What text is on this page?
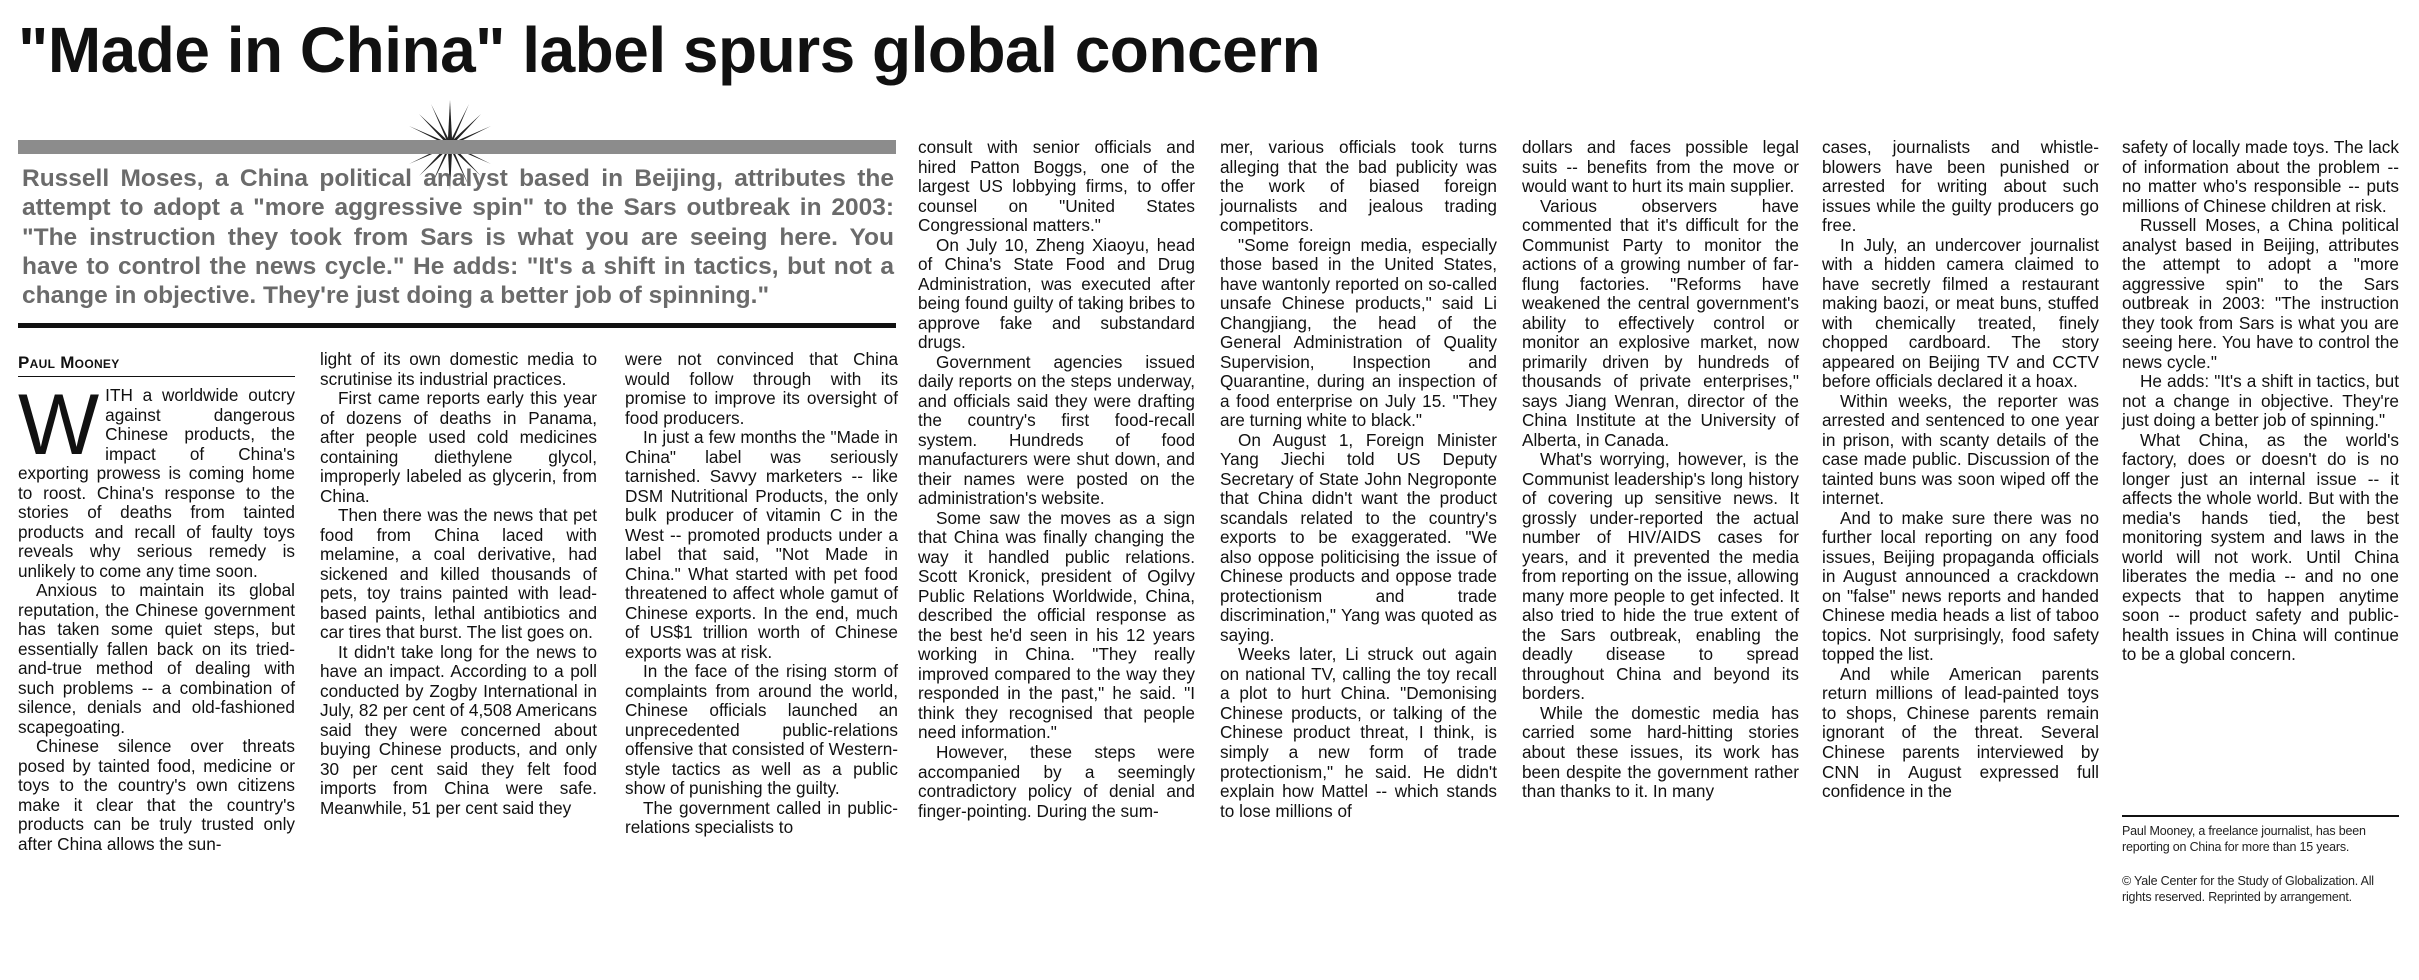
"Made in China" label spurs global concern

Russell Moses, a China political analyst based in Beijing, attributes the attempt to adopt a "more aggressive spin" to the Sars outbreak in 2003: "The instruction they took from Sars is what you are seeing here. You have to control the news cycle." He adds: "It's a shift in tactics, but not a change in objective. They're just doing a better job of spinning."

Paul Mooney

WITH a worldwide outcry against dangerous Chinese products, the impact of China's exporting prowess is coming home to roost. China's response to the stories of deaths from tainted products and recall of faulty toys reveals why serious remedy is unlikely to come any time soon.

Anxious to maintain its global reputation, the Chinese government has taken some quiet steps, but essentially fallen back on its tried-and-true method of dealing with such problems -- a combination of silence, denials and old-fashioned scapegoating.

Chinese silence over threats posed by tainted food, medicine or toys to the country's own citizens make it clear that the country's products can be truly trusted only after China allows the sun-

light of its own domestic media to scrutinise its industrial practices.

First came reports early this year of dozens of deaths in Panama, after people used cold medicines containing diethylene glycol, improperly labeled as glycerin, from China.

Then there was the news that pet food from China laced with melamine, a coal derivative, had sickened and killed thousands of pets, toy trains painted with lead-based paints, lethal antibiotics and car tires that burst. The list goes on.

It didn't take long for the news to have an impact. According to a poll conducted by Zogby International in July, 82 per cent of 4,508 Americans said they were concerned about buying Chinese products, and only 30 per cent said they felt food imports from China were safe. Meanwhile, 51 per cent said they

were not convinced that China would follow through with its promise to improve its oversight of food producers.

In just a few months the "Made in China" label was seriously tarnished. Savvy marketers -- like DSM Nutritional Products, the only bulk producer of vitamin C in the West -- promoted products under a label that said, "Not Made in China." What started with pet food threatened to affect whole gamut of Chinese exports. In the end, much of US$1 trillion worth of Chinese exports was at risk.

In the face of the rising storm of complaints from around the world, Chinese officials launched an unprecedented public-relations offensive that consisted of Western-style tactics as well as a public show of punishing the guilty.

The government called in public-relations specialists to

consult with senior officials and hired Patton Boggs, one of the largest US lobbying firms, to offer counsel on "United States Congressional matters."

On July 10, Zheng Xiaoyu, head of China's State Food and Drug Administration, was executed after being found guilty of taking bribes to approve fake and substandard drugs.

Government agencies issued daily reports on the steps underway, and officials said they were drafting the country's first food-recall system. Hundreds of food manufacturers were shut down, and their names were posted on the administration's website.

Some saw the moves as a sign that China was finally changing the way it handled public relations. Scott Kronick, president of Ogilvy Public Relations Worldwide, China, described the official response as the best he'd seen in his 12 years working in China. "They really improved compared to the way they responded in the past," he said. "I think they recognised that people need information."

However, these steps were accompanied by a seemingly contradictory policy of denial and finger-pointing. During the sum-

mer, various officials took turns alleging that the bad publicity was the work of biased foreign journalists and jealous trading competitors.

"Some foreign media, especially those based in the United States, have wantonly reported on so-called unsafe Chinese products," said Li Changjiang, the head of the General Administration of Quality Supervision, Inspection and Quarantine, during an inspection of a food enterprise on July 15. "They are turning white to black."

On August 1, Foreign Minister Yang Jiechi told US Deputy Secretary of State John Negroponte that China didn't want the product scandals related to the country's exports to be exaggerated. "We also oppose politicising the issue of Chinese products and oppose trade protectionism and trade discrimination," Yang was quoted as saying.

Weeks later, Li struck out again on national TV, calling the toy recall a plot to hurt China. "Demonising Chinese products, or talking of the Chinese product threat, I think, is simply a new form of trade protectionism," he said. He didn't explain how Mattel -- which stands to lose millions of

dollars and faces possible legal suits -- benefits from the move or would want to hurt its main supplier.

Various observers have commented that it's difficult for the Communist Party to monitor the actions of a growing number of far-flung factories. "Reforms have weakened the central government's ability to effectively control or monitor an explosive market, now primarily driven by hundreds of thousands of private enterprises," says Jiang Wenran, director of the China Institute at the University of Alberta, in Canada.

What's worrying, however, is the Communist leadership's long history of covering up sensitive news. It grossly under-reported the actual number of HIV/AIDS cases for years, and it prevented the media from reporting on the issue, allowing many more people to get infected. It also tried to hide the true extent of the Sars outbreak, enabling the deadly disease to spread throughout China and beyond its borders.

While the domestic media has carried some hard-hitting stories about these issues, its work has been despite the government rather than thanks to it. In many

cases, journalists and whistle-blowers have been punished or arrested for writing about such issues while the guilty producers go free.

In July, an undercover journalist with a hidden camera claimed to have secretly filmed a restaurant making baozi, or meat buns, stuffed with chemically treated, finely chopped cardboard. The story appeared on Beijing TV and CCTV before officials declared it a hoax.

Within weeks, the reporter was arrested and sentenced to one year in prison, with scanty details of the case made public. Discussion of the tainted buns was soon wiped off the internet.

And to make sure there was no further local reporting on any food issues, Beijing propaganda officials in August announced a crackdown on "false" news reports and handed Chinese media heads a list of taboo topics. Not surprisingly, food safety topped the list.

And while American parents return millions of lead-painted toys to shops, Chinese parents remain ignorant of the threat. Several Chinese parents interviewed by CNN in August expressed full confidence in the

safety of locally made toys. The lack of information about the problem -- no matter who's responsible -- puts millions of Chinese children at risk.

Russell Moses, a China political analyst based in Beijing, attributes the attempt to adopt a "more aggressive spin" to the Sars outbreak in 2003: "The instruction they took from Sars is what you are seeing here. You have to control the news cycle."

He adds: "It's a shift in tactics, but not a change in objective. They're just doing a better job of spinning."

What China, as the world's factory, does or doesn't do is no longer just an internal issue -- it affects the whole world. But with the media's hands tied, the best monitoring system and laws in the world will not work. Until China liberates the media -- and no one expects that to happen anytime soon -- product safety and public-health issues in China will continue to be a global concern.

Paul Mooney, a freelance journalist, has been reporting on China for more than 15 years.
© Yale Center for the Study of Globalization. All rights reserved. Reprinted by arrangement.
